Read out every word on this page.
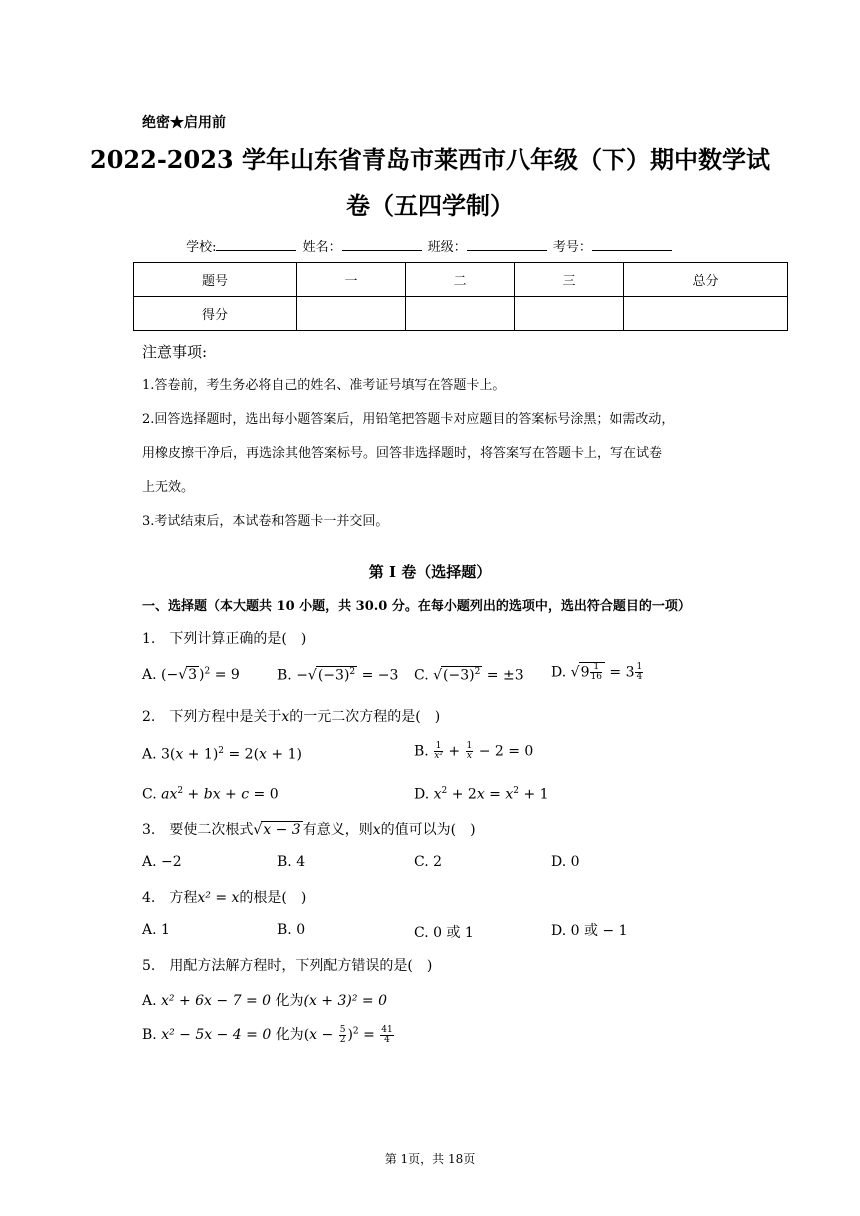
绝密★启用前
2022-2023 学年山东省青岛市莱西市八年级（下）期中数学试
卷（五四学制）
学校:	姓名：	班级：	考号：
题号	一	二	三	总分
得分				
注意事项:
1.答卷前，考生务必将自己的姓名、准考证号填写在答题卡上。
2.回答选择题时，选出每小题答案后，用铅笔把答题卡对应题目的答案标号涂黑；如需改动，
用橡皮擦干净后，再选涂其他答案标号。回答非选择题时，将答案写在答题卡上，写在试卷
上无效。
3.考试结束后，本试卷和答题卡一并交回。
第 I 卷（选择题）
一、选择题（本大题共 10 小题，共 30.0 分。在每小题列出的选项中，选出符合题目的一项）
1.　下列计算正确的是(　)
A. (−√3 )$^2$ = 9	B. $-√(-3)^2 = -3$ C. $√(-3)^2 = \pm 3$ D. $√9 \frac{1}{16} = 3 \frac{1}{4}$
2.　下列方程中是关于x的一元二次方程的是(　)
A. $3(x + 1)^2 = 2(x + 1)$	B. $\frac{1}{\text{x²}} + \frac{1}{x} - 2 = 0$
C. $ax^2$ + bx + c = 0	D. $x^2 + 2x = x^2 + 1$
3.　要使二次根式√x − 3 有意义，则x的值可以为(　)
A. −2	B. 4	C. 2	D. 0
4.　方程x² = x的根是(　)
A. 1	B. 0	C. 0 或 1	D. 0 或 − 1
5.　用配方法解方程时，下列配方错误的是(　)
A. x² + 6x − 7 = 0 化为(x + 3)² = 0
B. x² − 5x − 4 = 0 化为$(x - \frac{5}{2} )^2 = \frac{41}{4}$
第 1页，共 18页
